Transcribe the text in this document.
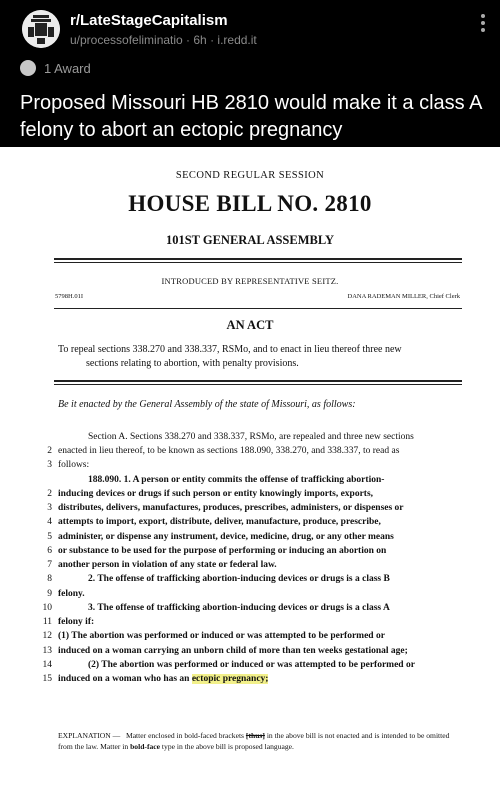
r/LateStageCapitalism
u/processofeliminatio · 6h · i.redd.it
1 Award
Proposed Missouri HB 2810 would make it a class A felony to abort an ectopic pregnancy
SECOND REGULAR SESSION
HOUSE BILL NO. 2810
101ST GENERAL ASSEMBLY
INTRODUCED BY REPRESENTATIVE SEITZ.
5798H.01I	DANA RADEMAN MILLER, Chief Clerk
AN ACT
To repeal sections 338.270 and 338.337, RSMo, and to enact in lieu thereof three new
sections relating to abortion, with penalty provisions.
Be it enacted by the General Assembly of the state of Missouri, as follows:
Section A. Sections 338.270 and 338.337, RSMo, are repealed and three new sections
2 enacted in lieu thereof, to be known as sections 188.090, 338.270, and 338.337, to read as
3 follows:
188.090. 1. A person or entity commits the offense of trafficking abortion-
2 inducing devices or drugs if such person or entity knowingly imports, exports,
3 distributes, delivers, manufactures, produces, prescribes, administers, or dispenses or
4 attempts to import, export, distribute, deliver, manufacture, produce, prescribe,
5 administer, or dispense any instrument, device, medicine, drug, or any other means
6 or substance to be used for the purpose of performing or inducing an abortion on
7 another person in violation of any state or federal law.
8	2. The offense of trafficking abortion-inducing devices or drugs is a class B
9 felony.
10	3. The offense of trafficking abortion-inducing devices or drugs is a class A
11 felony if:
12 (1) The abortion was performed or induced or was attempted to be performed or
13 induced on a woman carrying an unborn child of more than ten weeks gestational age;
14	(2) The abortion was performed or induced or was attempted to be performed or
15 induced on a woman who has an ectopic pregnancy;
EXPLANATION — Matter enclosed in bold-faced brackets [thus] in the above bill is not enacted and is intended to be omitted from the law. Matter in bold-face type in the above bill is proposed language.
